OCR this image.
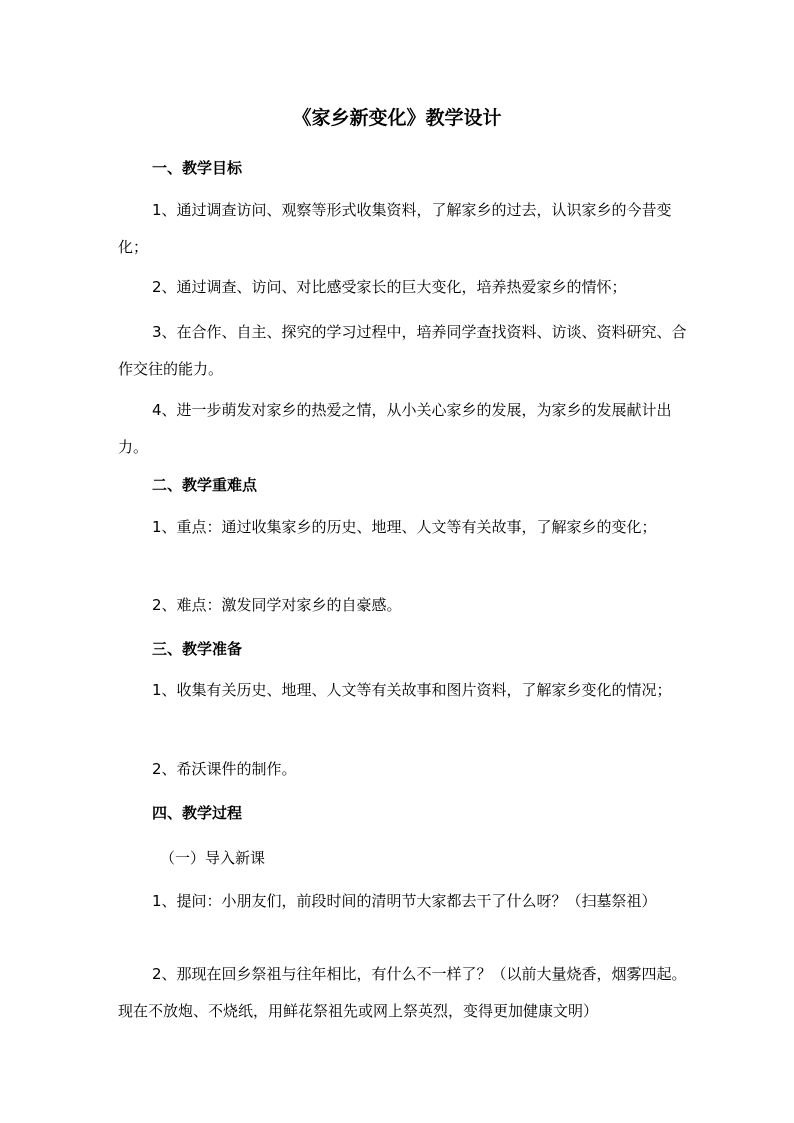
《家乡新变化》教学设计
一、教学目标

1、通过调查访问、观察等形式收集资料，了解家乡的过去，认识家乡的今昔变化；

2、通过调查、访问、对比感受家长的巨大变化，培养热爱家乡的情怀；

3、在合作、自主、探究的学习过程中，培养同学查找资料、访谈、资料研究、合作交往的能力。

4、进一步萌发对家乡的热爱之情，从小关心家乡的发展，为家乡的发展献计出力。

二、教学重难点
1、重点：通过收集家乡的历史、地理、人文等有关故事，了解家乡的变化；
2、难点：激发同学对家乡的自豪感。
三、教学准备

1、收集有关历史、地理、人文等有关故事和图片资料，了解家乡变化的情况；

2、希沃课件的制作。
四、教学过程
（一）导入新课
1、提问：小朋友们，前段时间的清明节大家都去干了什么呀？（扫墓祭祖）

2、那现在回乡祭祖与往年相比，有什么不一样了？（以前大量烧香，烟雾四起。现在不放炮、不烧纸，用鲜花祭祖先或网上祭英烈，变得更加健康文明）
